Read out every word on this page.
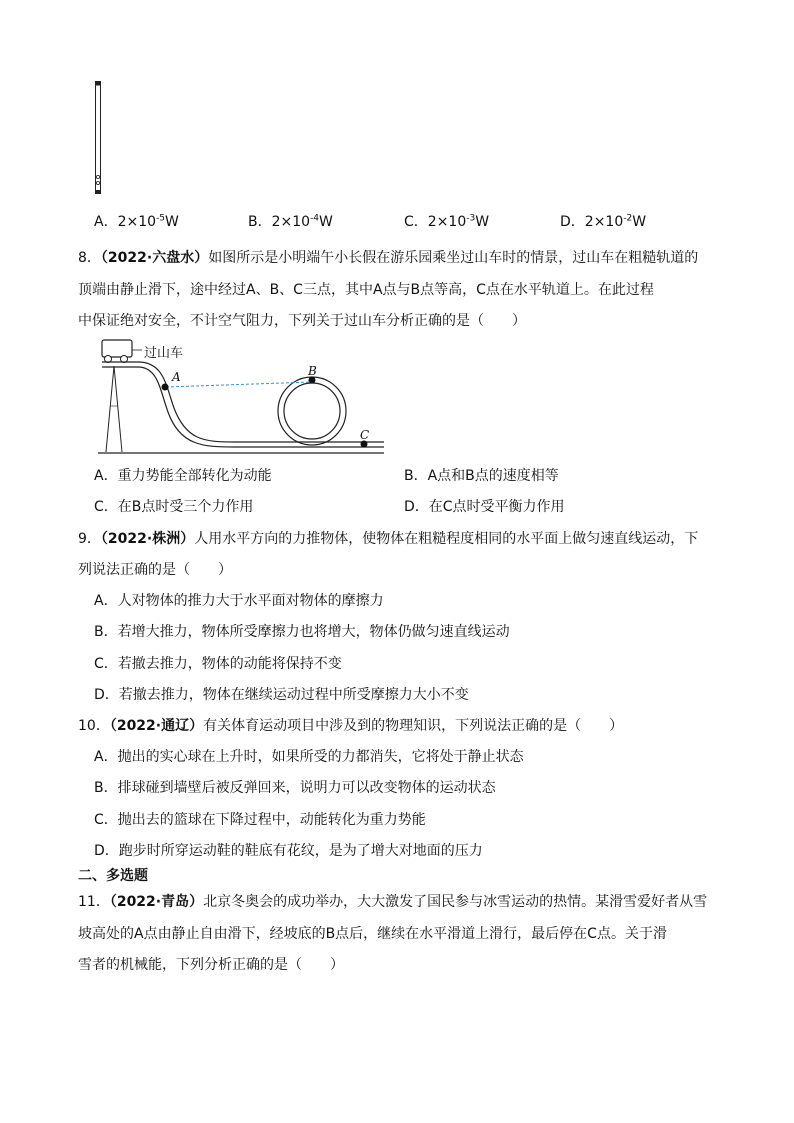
A．$2\times 10^{-5}W$	B．$2\times 10^{-4}W$	C．$2\times 10^{-3}W$	D．$2\times 10^{-2}W$
8．（2022·六盘水）如图所示是小明端午小长假在游乐园乘坐过山车时的情景，过山车在粗糙轨道的
顶端由静止滑下，途中经过A、B、C三点，其中A点与B点等高，C点在水平轨道上。在此过程
中保证绝对安全，不计空气阻力，下列关于过山车分析正确的是（　　）
过山车
A	B
C
A．重力势能全部转化为动能	B．A点和B点的速度相等
C．在B点时受三个力作用	D．在C点时受平衡力作用
9．（2022·株洲）人用水平方向的力推物体，使物体在粗糙程度相同的水平面上做匀速直线运动，下
列说法正确的是（　　）
A．人对物体的推力大于水平面对物体的摩擦力
B．若增大推力，物体所受摩擦力也将增大，物体仍做匀速直线运动
C．若撤去推力，物体的动能将保持不变
D．若撤去推力，物体在继续运动过程中所受摩擦力大小不变
10．（2022·通辽）有关体育运动项目中涉及到的物理知识，下列说法正确的是（　　）
A．抛出的实心球在上升时，如果所受的力都消失，它将处于静止状态
B．排球碰到墙壁后被反弹回来，说明力可以改变物体的运动状态
C．抛出去的篮球在下降过程中，动能转化为重力势能
D．跑步时所穿运动鞋的鞋底有花纹，是为了增大对地面的压力
二、多选题
11．（2022·青岛）北京冬奥会的成功举办，大大激发了国民参与冰雪运动的热情。某滑雪爱好者从雪
坡高处的A点由静止自由滑下，经坡底的B点后，继续在水平滑道上滑行，最后停在C点。关于滑
雪者的机械能，下列分析正确的是（　　）
